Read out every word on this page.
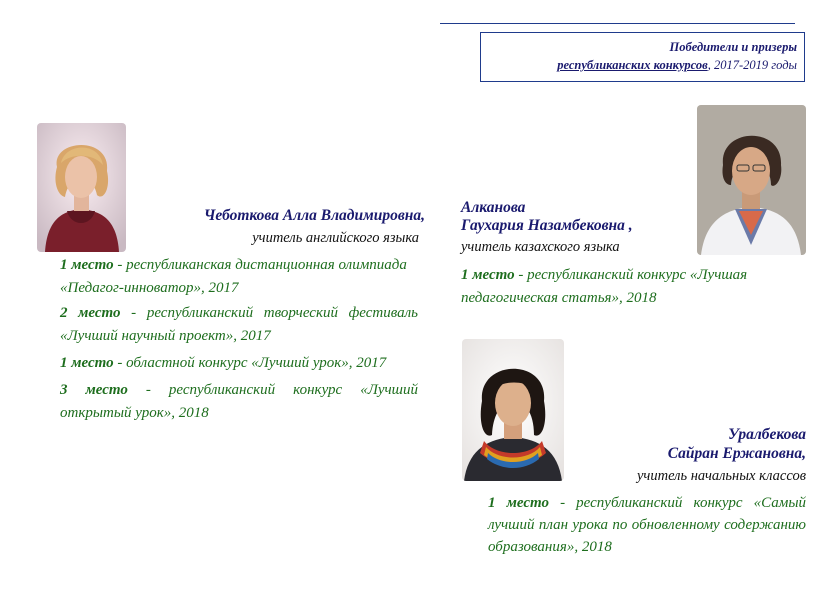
Победители и призеры
республиканских конкурсов, 2017-2019 годы
Чеботкова Алла Владимировна,
учитель английского языка
1 место - республиканская дистанционная олимпиада «Педагог-инноватор», 2017
2 место - республиканский творческий фестиваль «Лучший научный проект», 2017
1 место - областной конкурс «Лучший урок», 2017
3 место - республиканский конкурс «Лучший открытый урок», 2018
Алканова
Гаухария Назамбековна ,
учитель казахского языка
1 место - республиканский конкурс «Лучшая педагогическая статья», 2018
Уралбекова
Сайран Ержановна,
учитель начальных классов
1 место - республиканский конкурс «Самый лучший план урока по обновленному содержанию образования», 2018
